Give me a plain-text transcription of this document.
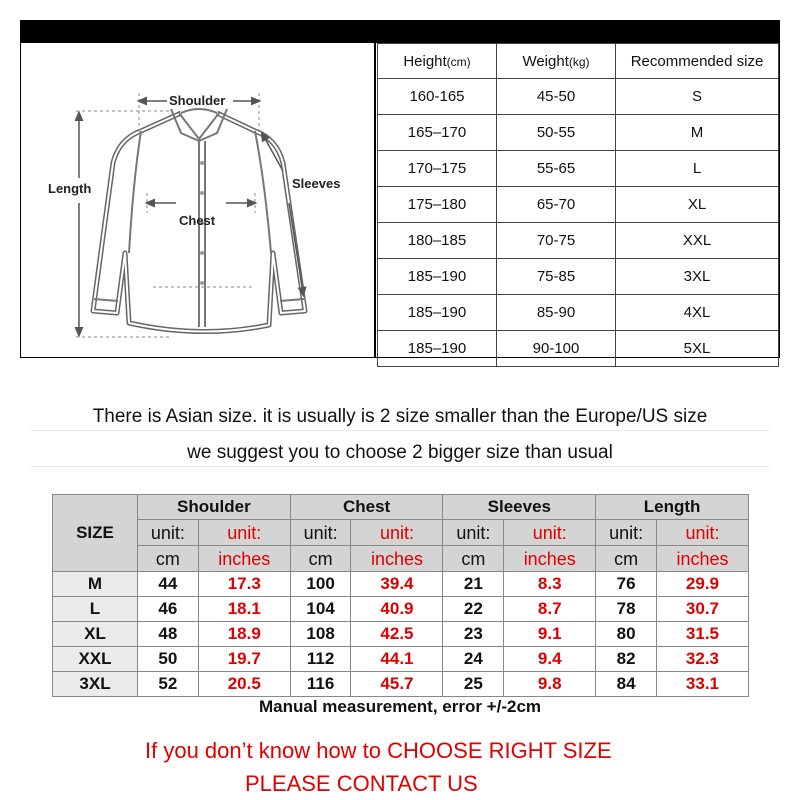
Shoulder
Length	Sleeves
Chest
Height(cm)	Weight(kg)	Recommended size
160-165	45-50	S
165–170	50-55	M
170–175	55-65	L
175–180	65-70	XL
180–185	70-75	XXL
185–190	75-85	3XL
185–190	85-90	4XL
185–190	90-100	5XL
There is Asian size. it is usually is 2 size smaller than the Europe/US size
we suggest you to choose 2 bigger size than usual
SIZE	Shoulder		Chest		Sleeves		Length	
	unit:	unit:	unit:	unit:	unit:	unit:	unit:	unit:
	cm	inches	cm	inches	cm	inches	cm	inches
M	44	17.3	100	39.4	21	8.3	76	29.9
L	46	18.1	104	40.9	22	8.7	78	30.7
XL	48	18.9	108	42.5	23	9.1	80	31.5
XXL	50	19.7	112	44.1	24	9.4	82	32.3
3XL	52	20.5	116	45.7	25	9.8	84	33.1
Manual measurement, error +/-2cm
If you don’t know how to CHOOSE RIGHT SIZE
PLEASE CONTACT US
